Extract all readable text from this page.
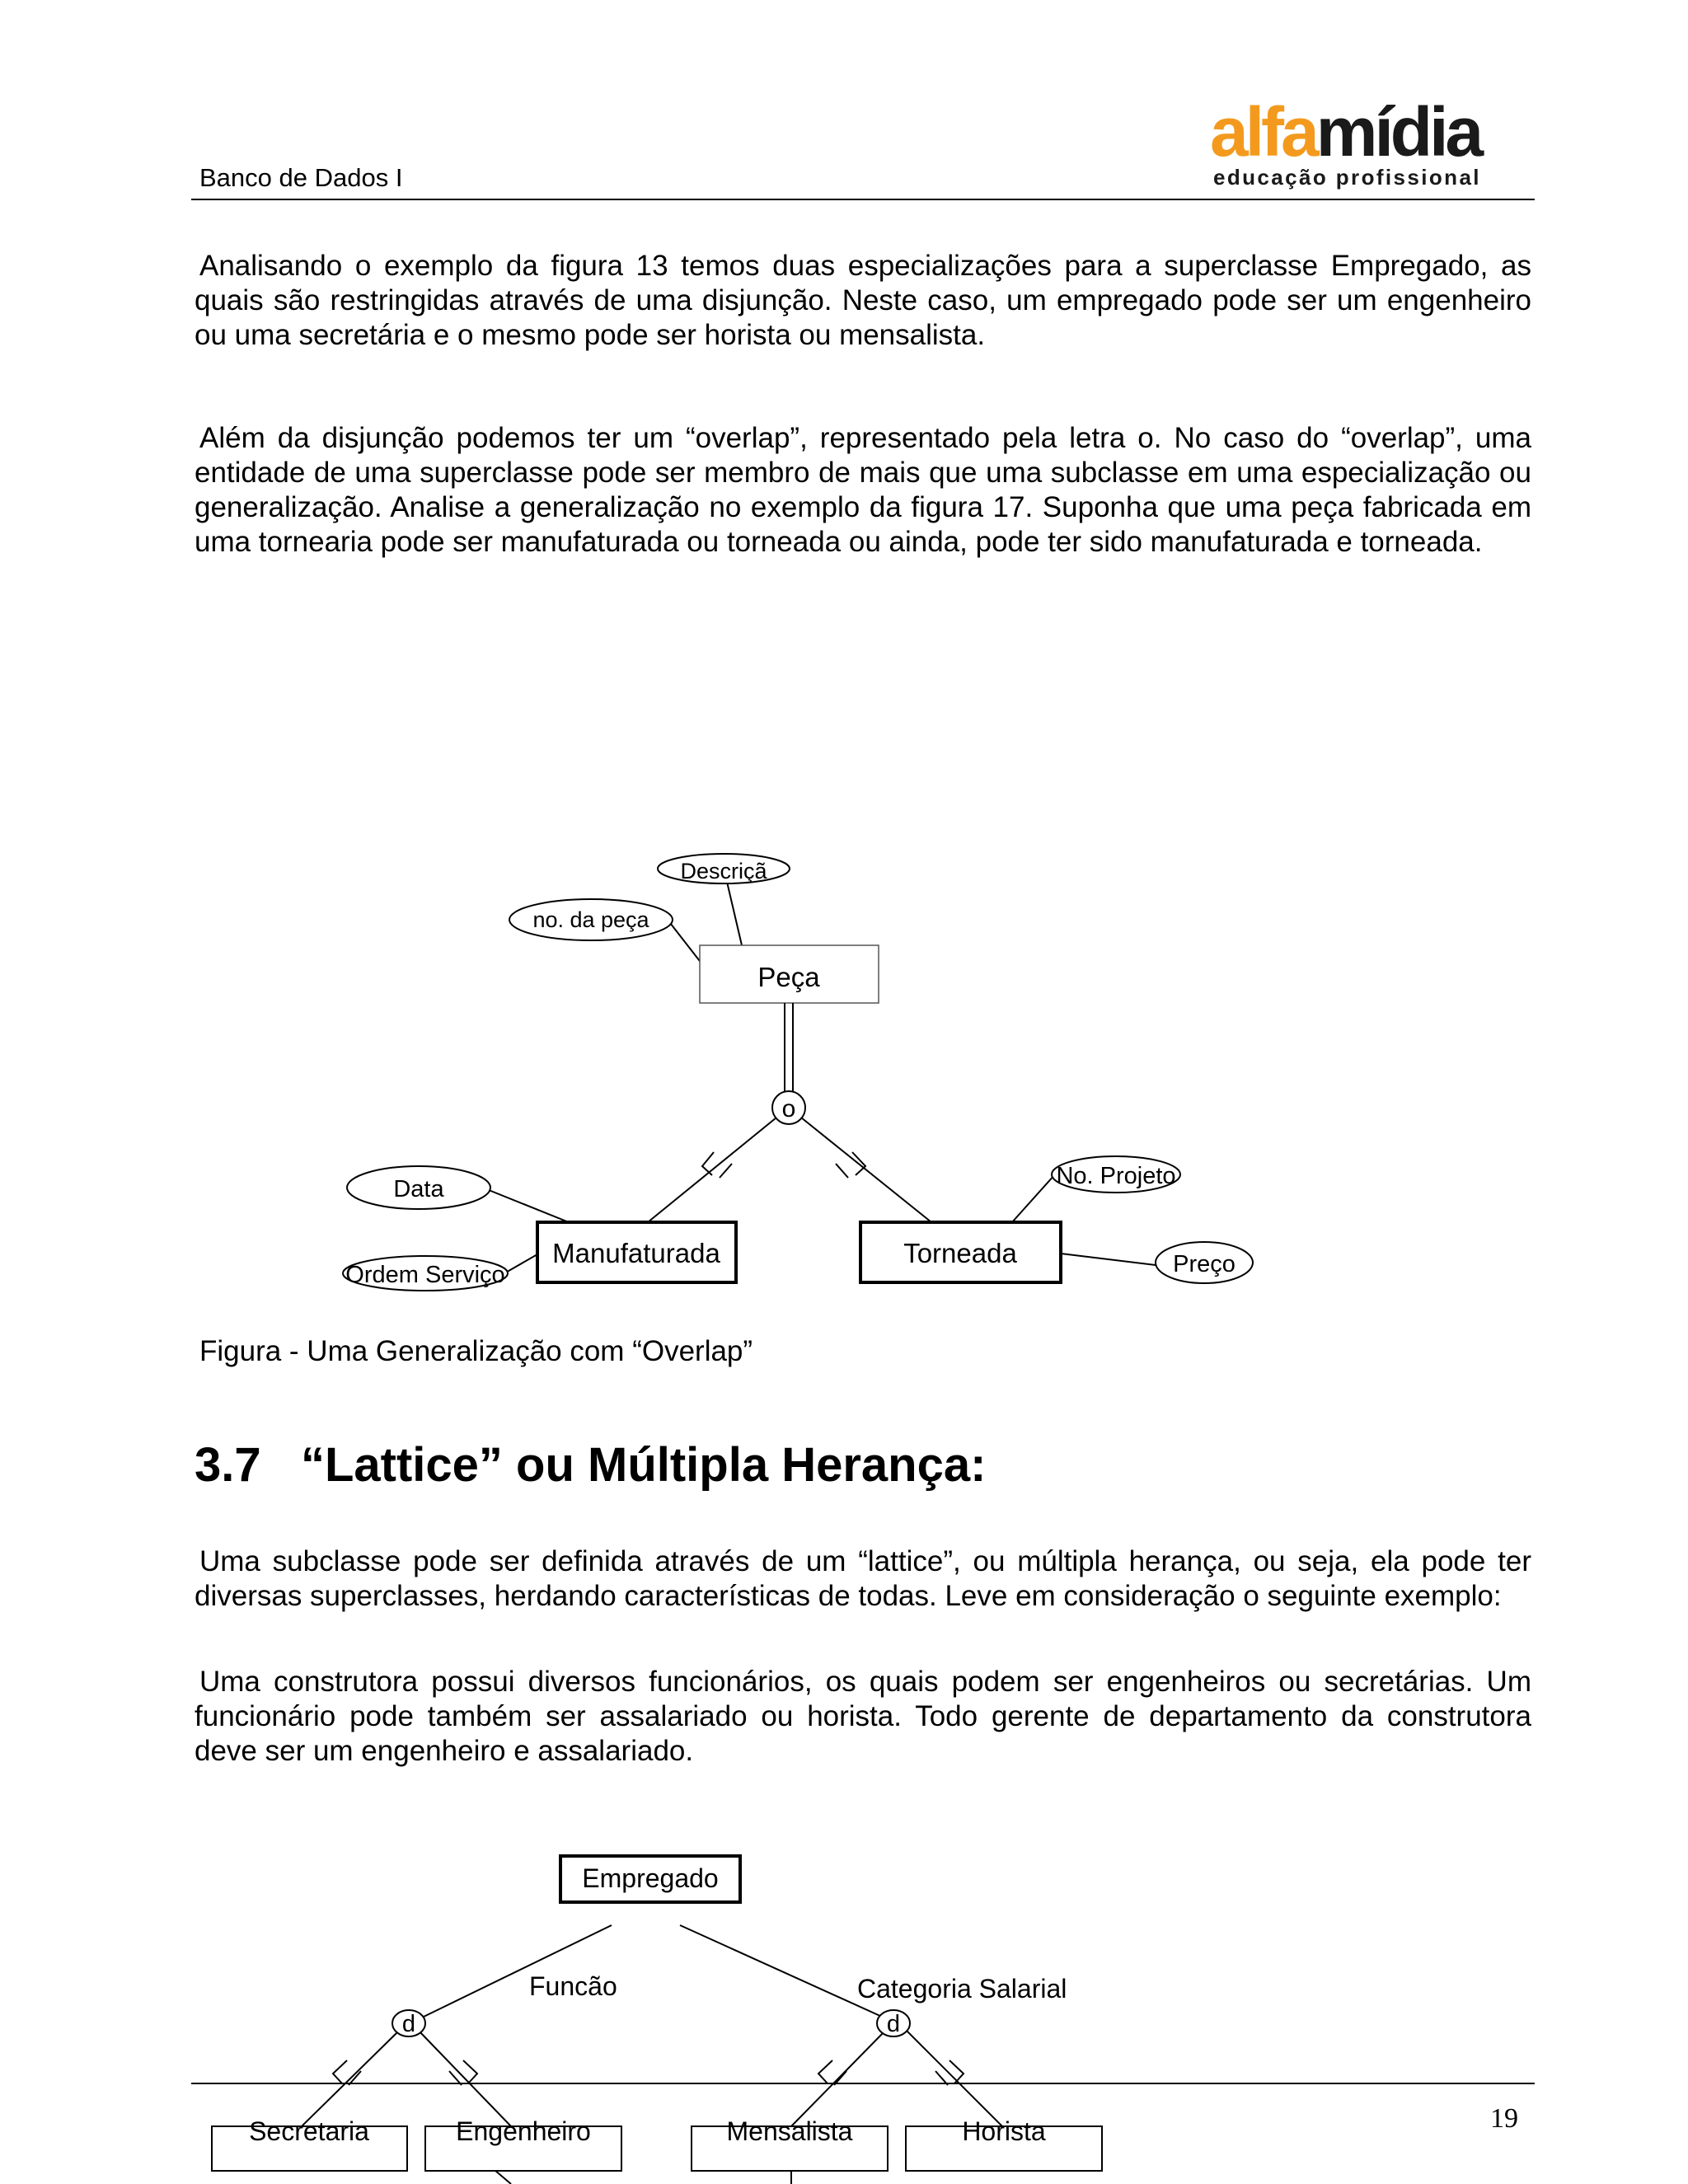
Banco de Dados I
alfamídia
educação profissional
Analisando o exemplo da figura 13 temos duas especializações para a superclasse Empregado, as quais são restringidas através de uma disjunção. Neste caso, um empregado pode ser um engenheiro ou uma secretária e o mesmo pode ser horista ou mensalista.
Além da disjunção podemos ter um “overlap”, representado pela letra o. No caso do “overlap”, uma entidade de uma superclasse pode ser membro de mais que uma subclasse em uma especialização ou generalização. Analise a generalização no exemplo da figura 17. Suponha que uma peça fabricada em uma tornearia pode ser manufaturada ou torneada ou ainda, pode ter sido manufaturada e torneada.
Descriçã
no. da peça
Peça
o
Manufaturada	Torneada
Data
Ordem Serviço
No. Projeto
Preço
Figura - Uma Generalização com “Overlap”
3.7 “Lattice” ou Múltipla Herança:
Uma subclasse pode ser definida através de um “lattice”, ou múltipla herança, ou seja, ela pode ter diversas superclasses, herdando características de todas. Leve em consideração o seguinte exemplo:
Uma construtora possui diversos funcionários, os quais podem ser engenheiros ou secretárias. Um funcionário pode também ser assalariado ou horista. Todo gerente de departamento da construtora deve ser um engenheiro e assalariado.
Empregado
Funcão	Categoria Salarial
d	d
Secretaria	Engenheiro	Mensalista	Horista	19
